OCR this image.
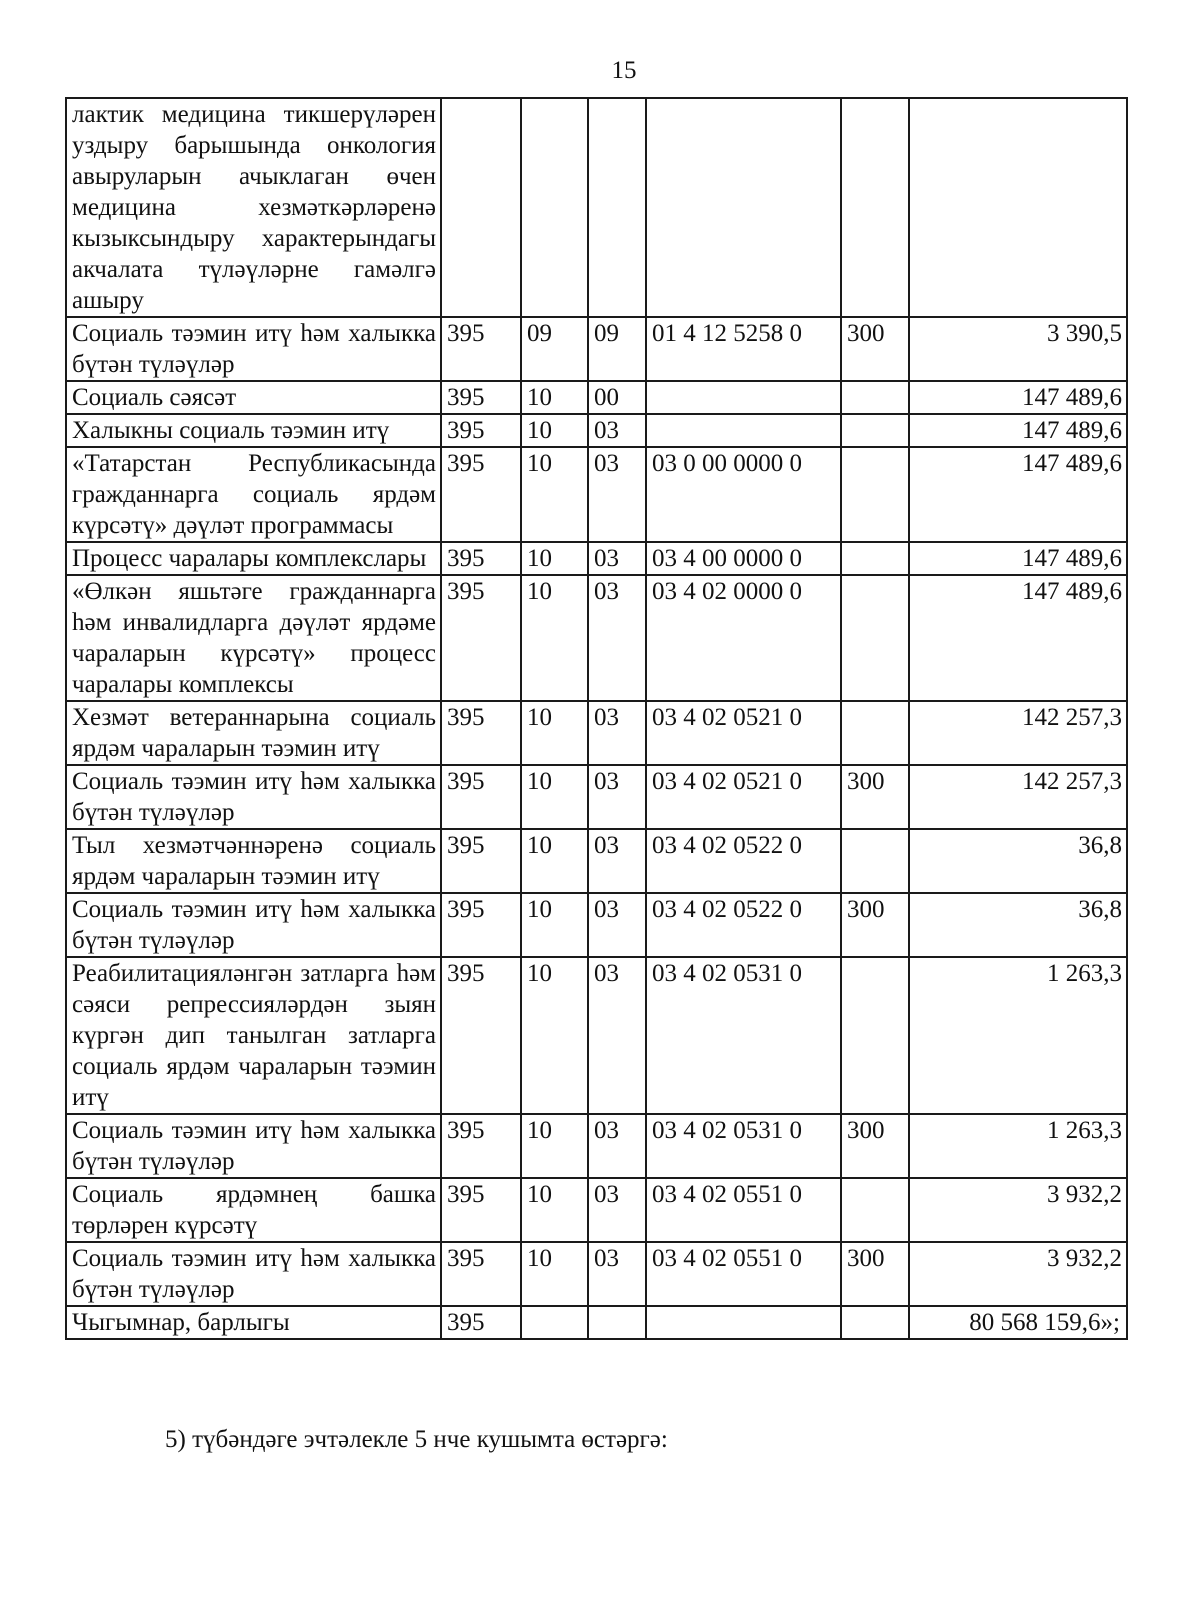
15
лактик медицина тикшерүләрен уздыру барышында онкология авыруларын ачыклаган өчен медицина хезмәткәрләренә кызыксындыру характерындагы акчалата түләүләрне гамәлгә ашыру						
Социаль тәэмин итү һәм халыкка бүтән түләүләр	395	09	09	01 4 12 5258 0	300	3 390,5
Социаль сәясәт	395	10	00			147 489,6
Халыкны социаль тәэмин итү	395	10	03			147 489,6
«Татарстан Республикасында гражданнарга социаль ярдәм күрсәтү» дәүләт программасы	395	10	03	03 0 00 0000 0		147 489,6
Процесс чаралары комплекслары	395	10	03	03 4 00 0000 0		147 489,6
«Өлкән яшьтәге гражданнарга һәм инвалидларга дәүләт ярдәме чараларын күрсәтү» процесс чаралары комплексы	395	10	03	03 4 02 0000 0		147 489,6
Хезмәт ветераннарына социаль ярдәм чараларын тәэмин итү	395	10	03	03 4 02 0521 0		142 257,3
Социаль тәэмин итү һәм халыкка бүтән түләүләр	395	10	03	03 4 02 0521 0	300	142 257,3
Тыл хезмәтчәннәренә социаль ярдәм чараларын тәэмин итү	395	10	03	03 4 02 0522 0		36,8
Социаль тәэмин итү һәм халыкка бүтән түләүләр	395	10	03	03 4 02 0522 0	300	36,8
Реабилитацияләнгән затларга һәм сәяси репрессияләрдән зыян күргән дип танылган затларга социаль ярдәм чараларын тәэмин итү	395	10	03	03 4 02 0531 0		1 263,3
Социаль тәэмин итү һәм халыкка бүтән түләүләр	395	10	03	03 4 02 0531 0	300	1 263,3
Социаль ярдәмнең башка төрләрен күрсәтү	395	10	03	03 4 02 0551 0		3 932,2
Социаль тәэмин итү һәм халыкка бүтән түләүләр	395	10	03	03 4 02 0551 0	300	3 932,2
Чыгымнар, барлыгы	395					80 568 159,6»;
5) түбәндәге эчтәлекле 5 нче кушымта өстәргә:
